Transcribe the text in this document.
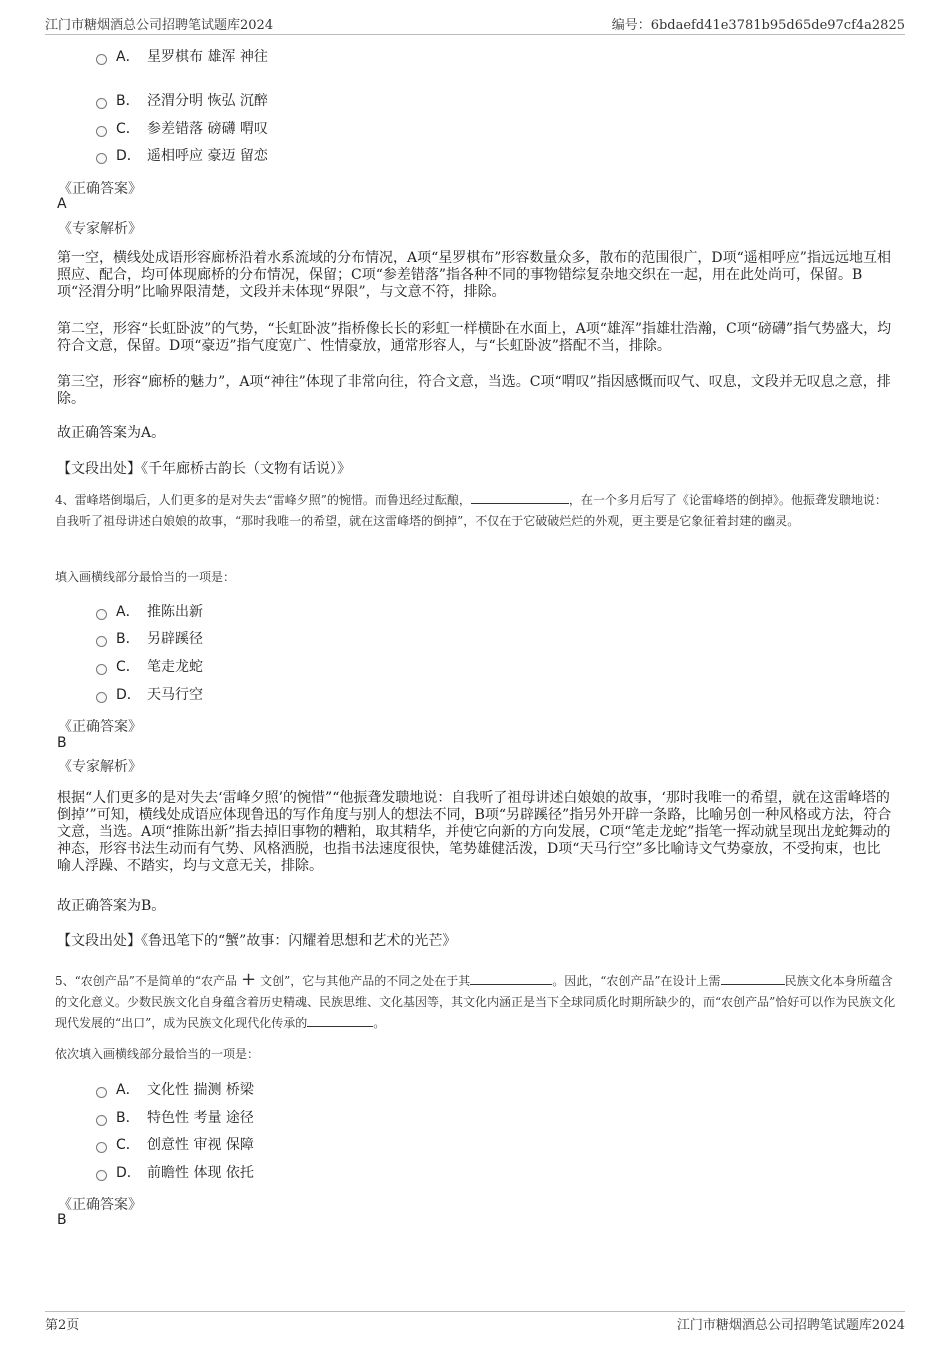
江门市糖烟酒总公司招聘笔试题库2024	编号：6bdaefd41e3781b95d65de97cf4a2825
A． 星罗棋布 雄浑 神往
B． 泾渭分明 恢弘 沉醉
C． 参差错落 磅礴 喟叹
D． 遥相呼应 豪迈 留恋
《正确答案》
A
《专家解析》
第一空，横线处成语形容廊桥沿着水系流域的分布情况，A项“星罗棋布”形容数量众多，散布的范围很广，D项“遥相呼应”指远远地互相照应、配合，均可体现廊桥的分布情况，保留；C项“参差错落”指各种不同的事物错综复杂地交织在一起，用在此处尚可，保留。B项“泾渭分明”比喻界限清楚，文段并未体现“界限”，与文意不符，排除。
第二空，形容“长虹卧波”的气势，“长虹卧波”指桥像长长的彩虹一样横卧在水面上，A项“雄浑”指雄壮浩瀚，C项“磅礴”指气势盛大，均符合文意，保留。D项“豪迈”指气度宽广、性情豪放，通常形容人，与“长虹卧波”搭配不当，排除。
第三空，形容“廊桥的魅力”，A项“神往”体现了非常向往，符合文意，当选。C项“喟叹”指因感慨而叹气、叹息，文段并无叹息之意，排除。
故正确答案为A。
【文段出处】《千年廊桥古韵长（文物有话说）》
4、雷峰塔倒塌后，人们更多的是对失去“雷峰夕照”的惋惜。而鲁迅经过酝酿，	，在一个多月后写了《论雷峰塔的倒掉》。他振聋发聩地说：自我听了祖母讲述白娘娘的故事，“那时我唯一的希望，就在这雷峰塔的倒掉”，不仅在于它破破烂烂的外观，更主要是它象征着封建的幽灵。
填入画横线部分最恰当的一项是：
A． 推陈出新
B． 另辟蹊径
C． 笔走龙蛇
D． 天马行空
《正确答案》
B
《专家解析》
根据“人们更多的是对失去‘雷峰夕照’的惋惜”“他振聋发聩地说：自我听了祖母讲述白娘娘的故事，‘那时我唯一的希望，就在这雷峰塔的倒掉’”可知，横线处成语应体现鲁迅的写作角度与别人的想法不同，B项“另辟蹊径”指另外开辟一条路，比喻另创一种风格或方法，符合文意，当选。A项“推陈出新”指去掉旧事物的糟粕，取其精华，并使它向新的方向发展，C项“笔走龙蛇”指笔一挥动就呈现出龙蛇舞动的神态，形容书法生动而有气势、风格洒脱，也指书法速度很快，笔势雄健活泼，D项“天马行空”多比喻诗文气势豪放，不受拘束，也比喻人浮躁、不踏实，均与文意无关，排除。
故正确答案为B。
【文段出处】《鲁迅笔下的“蟹”故事：闪耀着思想和艺术的光芒》
5、“农创产品”不是简单的“农产品 + 文创”，它与其他产品的不同之处在于其	。因此，“农创产品”在设计上需	民族文化本身所蕴含的文化意义。少数民族文化自身蕴含着历史精魂、民族思维、文化基因等，其文化内涵正是当下全球同质化时期所缺少的，而“农创产品”恰好可以作为民族文化现代发展的“出口”，成为民族文化现代化传承的	。
依次填入画横线部分最恰当的一项是：
A． 文化性 揣测 桥梁
B． 特色性 考量 途径
C． 创意性 审视 保障
D． 前瞻性 体现 依托
《正确答案》
B
第2页	江门市糖烟酒总公司招聘笔试题库2024
